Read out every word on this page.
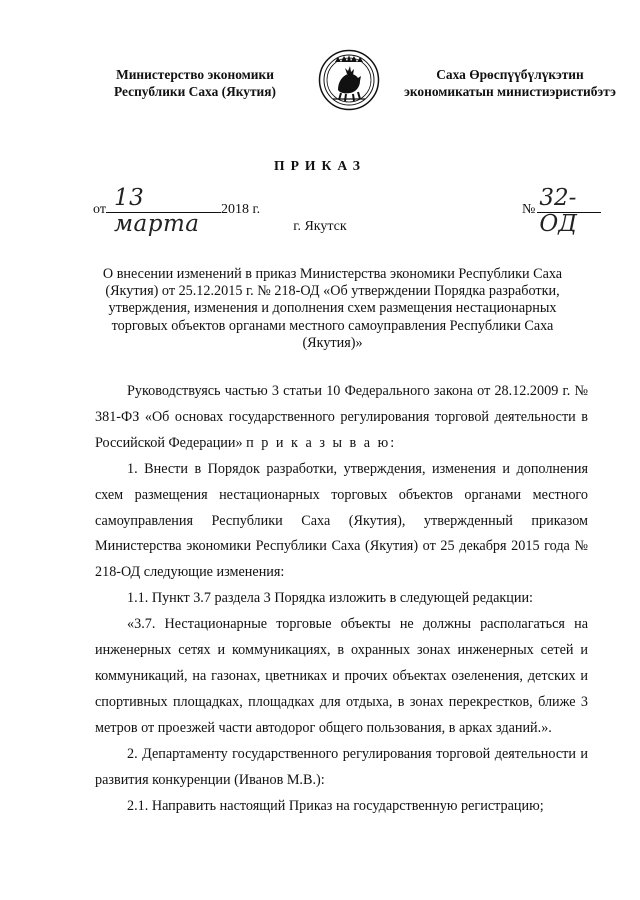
Министерство экономики
Республики Саха (Якутия)
Саха Өрөспүүбүлүкэтин
экономикатын министиэристибэтэ
ПРИКАЗ
от 13 марта
2018 г.	№ 32-ОД
г. Якутск
О внесении изменений в приказ Министерства экономики Республики Саха (Якутия) от 25.12.2015 г. № 218-ОД «Об утверждении Порядка разработки, утверждения, изменения и дополнения схем размещения нестационарных торговых объектов органами местного самоуправления Республики Саха (Якутия)»

Руководствуясь частью 3 статьи 10 Федерального закона от 28.12.2009 г. № 381-ФЗ «Об основах государственного регулирования торговой деятельности в Российской Федерации» п р и к а з ы в а ю:

1. Внести в Порядок разработки, утверждения, изменения и дополнения схем размещения нестационарных торговых объектов органами местного самоуправления Республики Саха (Якутия), утвержденный приказом Министерства экономики Республики Саха (Якутия) от 25 декабря 2015 года № 218-ОД следующие изменения:

1.1. Пункт 3.7 раздела 3 Порядка изложить в следующей редакции:

«3.7. Нестационарные торговые объекты не должны располагаться на инженерных сетях и коммуникациях, в охранных зонах инженерных сетей и коммуникаций, на газонах, цветниках и прочих объектах озеленения, детских и спортивных площадках, площадках для отдыха, в зонах перекрестков, ближе 3 метров от проезжей части автодорог общего пользования, в арках зданий.».

2. Департаменту государственного регулирования торговой деятельности и развития конкуренции (Иванов М.В.):

2.1. Направить настоящий Приказ на государственную регистрацию;
